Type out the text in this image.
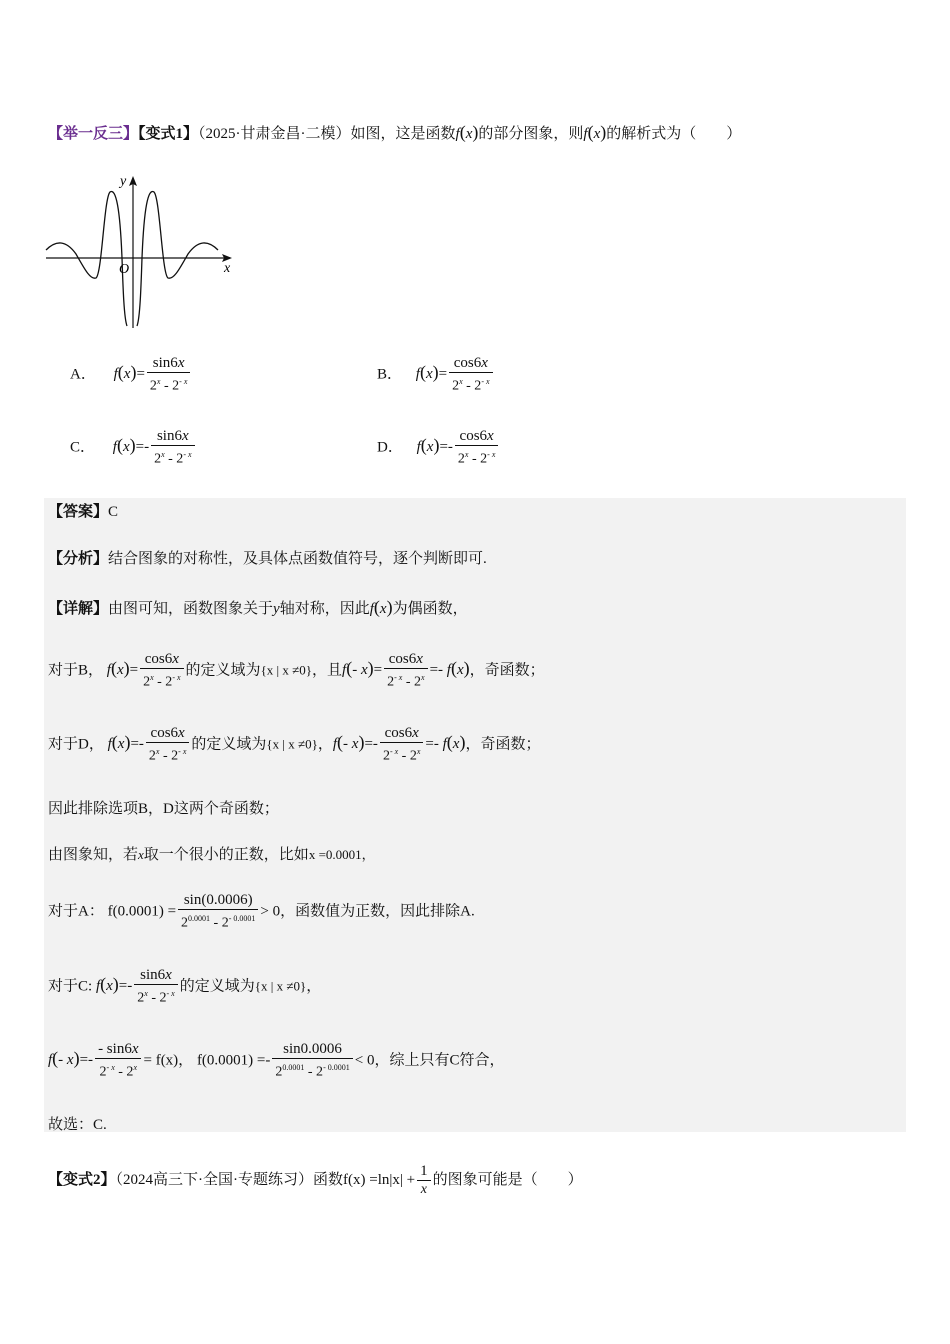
【举一反三】【变式1】（2025·甘肃金昌·二模）如图，这是函数f(x)的部分图象，则f(x)的解析式为（　　）
y
x
O
A． $f(x)= \frac{\sin 6x}{2^x - 2^{- x}}$	B． $f(x)= \frac{\cos 6x}{2^x - 2^{- x}}$
C． $f(x)=- \frac{\sin 6x}{2^x - 2^{- x}}$	D． $f(x)=- \frac{\cos 6x}{2^x - 2^{- x}}$
【答案】C
【分析】结合图象的对称性，及具体点函数值符号，逐个判断即可.
【详解】由图可知，函数图象关于y轴对称，因此f(x)为偶函数，
对于B， $f(x)= \frac{\cos 6x}{2^x - 2^{- x}}$ 的定义域为{x | x ≠0}，且f(- $x)= \frac{\cos 6x}{2^{- x} - 2^x} =- f(x)$，奇函数；
对于D， $f(x)=- \frac{\cos 6x}{2^x - 2^{- x}}$ 的定义域为{x | x ≠0}，f(- $x)=- \frac{\cos 6x}{2^{- x} - 2^x} =- f(x)$，奇函数；
因此排除选项B，D这两个奇函数；
由图象知，若x取一个很小的正数，比如x =0.0001，
对于A： $f(0.0001) = \frac{\sin(0.0006)}{2^{0.0001} - 2^{- 0.0001}} > 0$，函数值为正数，因此排除A.
对于C: $f(x)=- \frac{\sin 6x}{2^x - 2^{- x}}$ 的定义域为{x | x ≠0}，
f(- $x)=- \frac{- \sin 6x}{2^{- x} - 2^x} = f(x)$， $f(0.0001) =- \frac{\sin 0.0006}{2^{0.0001} - 2^{- 0.0001}} < 0$，综上只有C符合，
故选：C.
【变式2】（2024高三下·全国·专题练习）函数$f(x) =\ln|x| + \frac{1}{x}$ 的图象可能是（　　）
